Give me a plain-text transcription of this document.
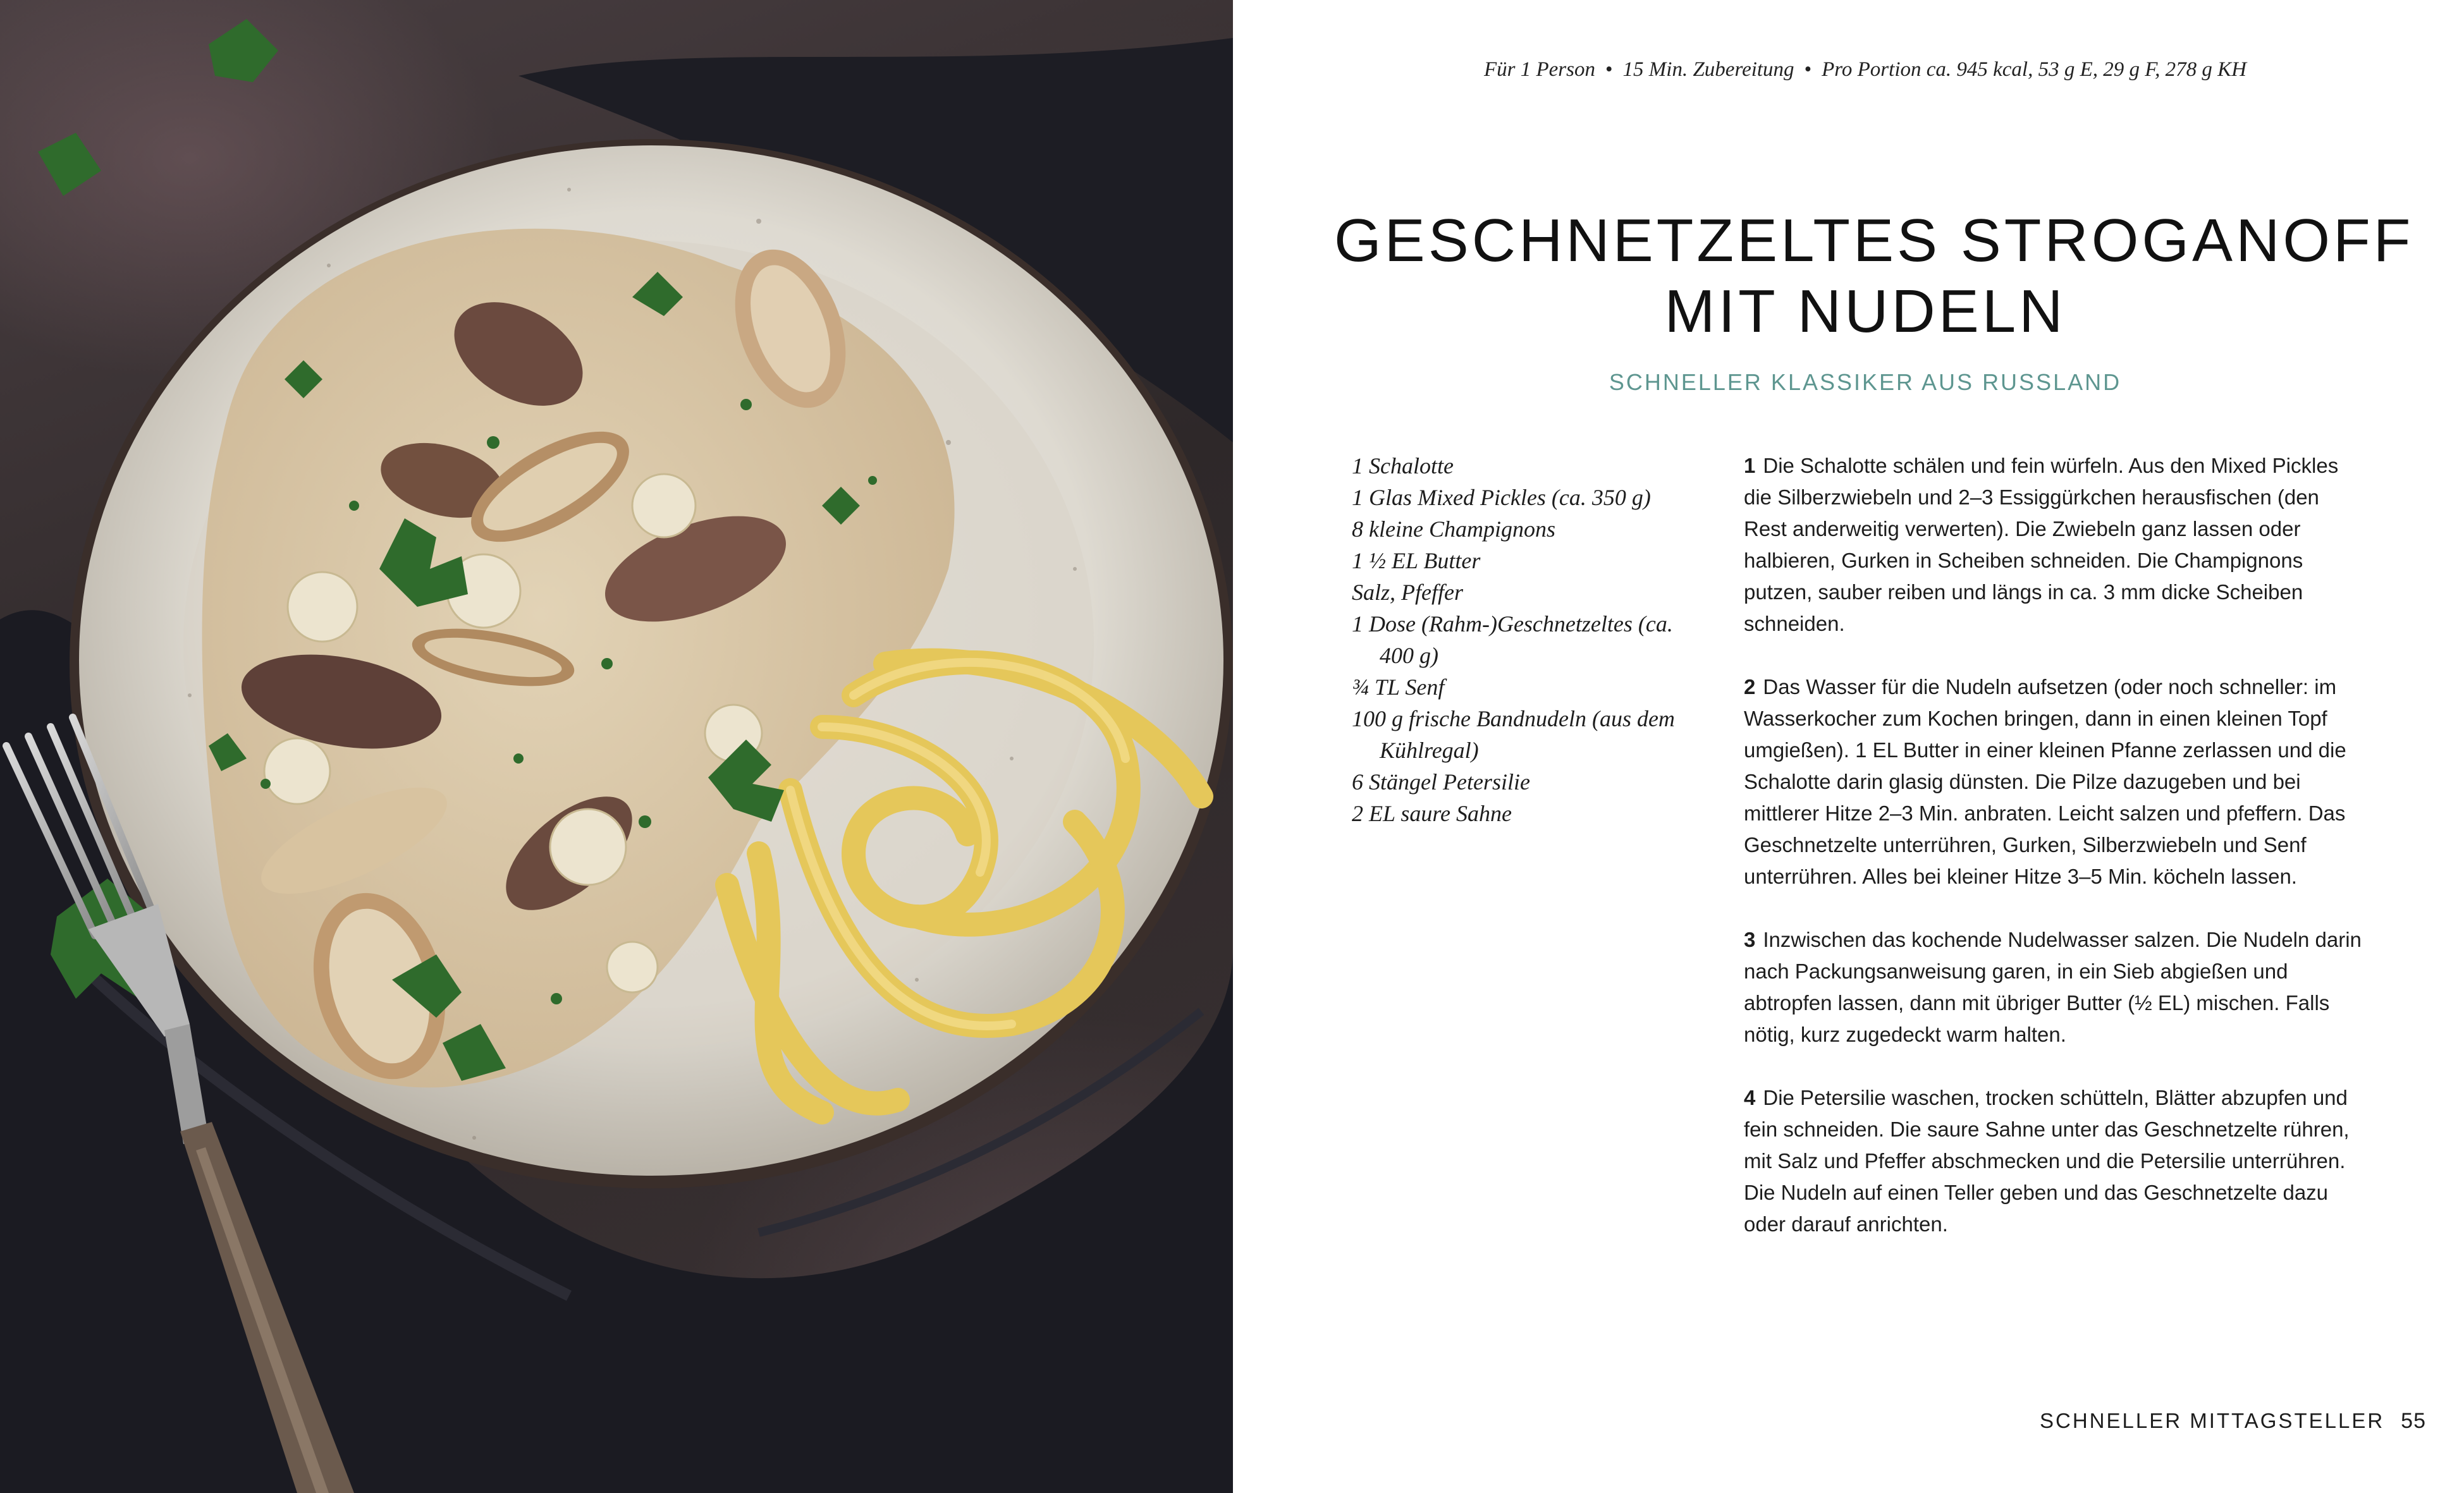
Für 1 Person • 15 Min. Zubereitung • Pro Portion ca. 945 kcal, 53 g E, 29 g F, 278 g KH
GESCHNETZELTES STROGANOFF
MIT NUDELN
SCHNELLER KLASSIKER AUS RUSSLAND
1 Schalotte
1 Glas Mixed Pickles (ca. 350 g)
8 kleine Champignons
1 ½ EL Butter
Salz, Pfeffer
1 Dose (Rahm-)Geschnetzeltes (ca. 400 g)
¾ TL Senf
100 g frische Bandnudeln (aus dem Kühlregal)
6 Stängel Petersilie
2 EL saure Sahne

1 Die Schalotte schälen und fein würfeln. Aus den Mixed Pickles die Silberzwiebeln und 2–3 Essiggürkchen herausfischen (den Rest anderweitig verwerten). Die Zwiebeln ganz lassen oder halbieren, Gurken in Scheiben schneiden. Die Champignons putzen, sauber reiben und längs in ca. 3 mm dicke Scheiben schneiden.

2 Das Wasser für die Nudeln aufsetzen (oder noch schneller: im Wasserkocher zum Kochen bringen, dann in einen kleinen Topf umgießen). 1 EL Butter in einer kleinen Pfanne zerlassen und die Schalotte darin glasig dünsten. Die Pilze dazugeben und bei mittlerer Hitze 2–3 Min. anbraten. Leicht salzen und pfeffern. Das Geschnetzelte unterrühren, Gurken, Silberzwiebeln und Senf unterrühren. Alles bei kleiner Hitze 3–5 Min. köcheln lassen.

3 Inzwischen das kochende Nudelwasser salzen. Die Nudeln darin nach Packungsanweisung garen, in ein Sieb abgießen und abtropfen lassen, dann mit übriger Butter (½ EL) mischen. Falls nötig, kurz zugedeckt warm halten.

4 Die Petersilie waschen, trocken schütteln, Blätter abzupfen und fein schneiden. Die saure Sahne unter das Geschnetzelte rühren, mit Salz und Pfeffer abschmecken und die Petersilie unterrühren. Die Nudeln auf einen Teller geben und das Geschnetzelte dazu oder darauf anrichten.

SCHNELLER MITTAGSTELLER 55
